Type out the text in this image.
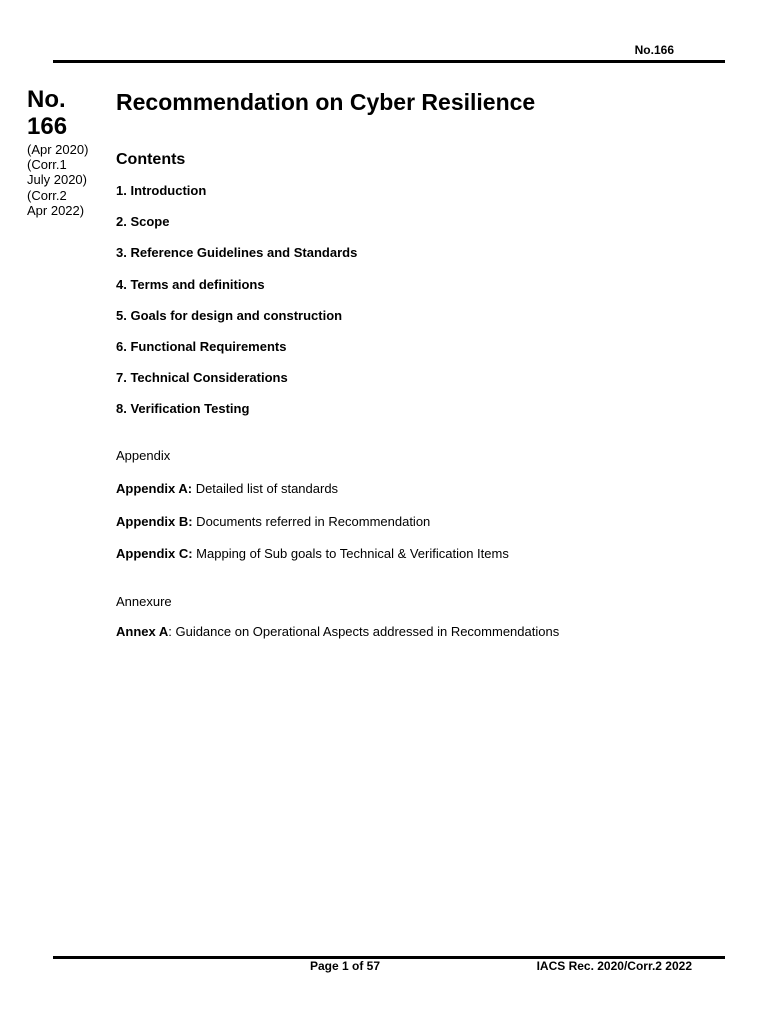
No.166
No.
166
(Apr 2020)
(Corr.1
July 2020)
(Corr.2
Apr 2022)
Recommendation on Cyber Resilience
Contents
1. Introduction
2. Scope
3. Reference Guidelines and Standards
4. Terms and definitions
5. Goals for design and construction
6. Functional Requirements
7. Technical Considerations
8. Verification Testing
Appendix
Appendix A: Detailed list of standards
Appendix B: Documents referred in Recommendation
Appendix C: Mapping of Sub goals to Technical & Verification Items
Annexure
Annex A: Guidance on Operational Aspects addressed in Recommendations
Page 1 of 57	IACS Rec. 2020/Corr.2 2022
